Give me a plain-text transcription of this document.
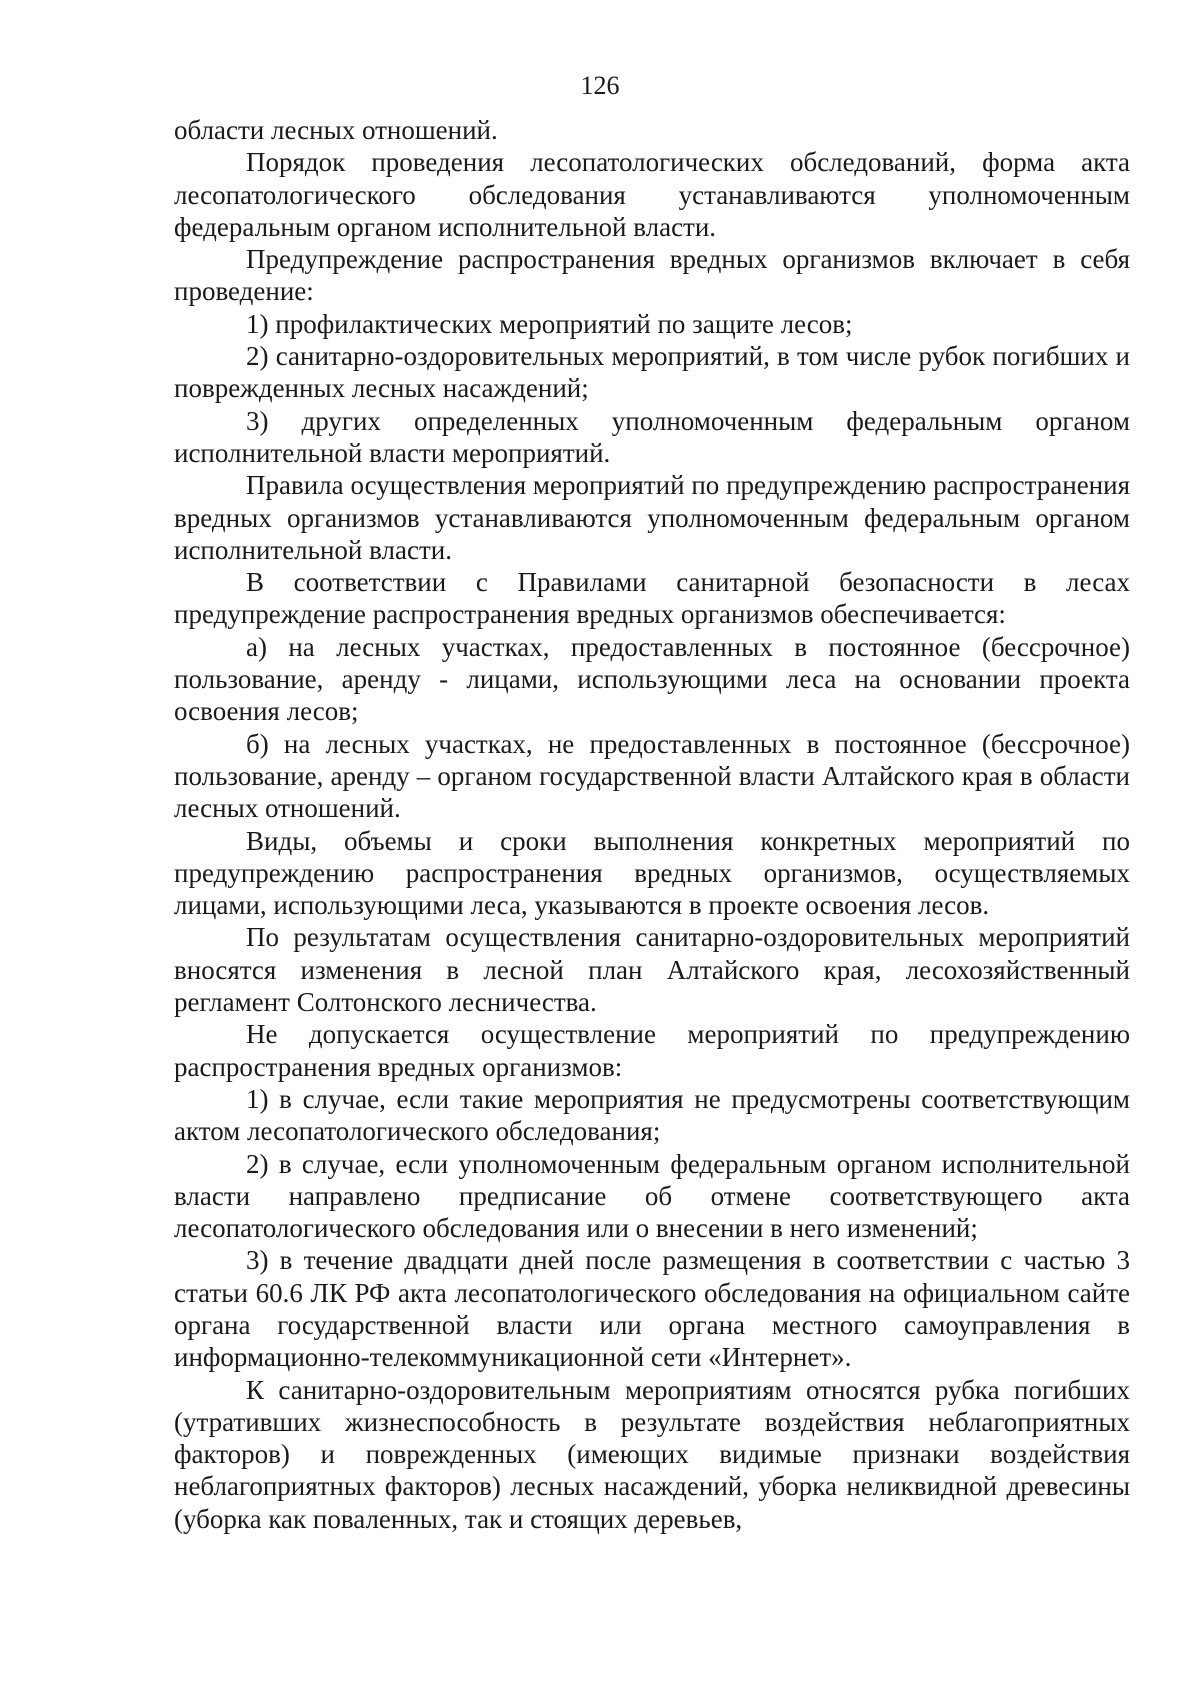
126

области лесных отношений.

Порядок проведения лесопатологических обследований, форма акта лесопатологического обследования устанавливаются уполномоченным федеральным органом исполнительной власти.

Предупреждение распространения вредных организмов включает в себя проведение:

1) профилактических мероприятий по защите лесов;

2) санитарно-оздоровительных мероприятий, в том числе рубок погибших и поврежденных лесных насаждений;

3) других определенных уполномоченным федеральным органом исполнительной власти мероприятий.

Правила осуществления мероприятий по предупреждению распространения вредных организмов устанавливаются уполномоченным федеральным органом исполнительной власти.

В соответствии с Правилами санитарной безопасности в лесах предупреждение распространения вредных организмов обеспечивается:

а) на лесных участках, предоставленных в постоянное (бессрочное) пользование, аренду - лицами, использующими леса на основании проекта освоения лесов;

б) на лесных участках, не предоставленных в постоянное (бессрочное) пользование, аренду – органом государственной власти Алтайского края в области лесных отношений.

Виды, объемы и сроки выполнения конкретных мероприятий по предупреждению распространения вредных организмов, осуществляемых лицами, использующими леса, указываются в проекте освоения лесов.

По результатам осуществления санитарно-оздоровительных мероприятий вносятся изменения в лесной план Алтайского края, лесохозяйственный регламент Солтонского лесничества.

Не допускается осуществление мероприятий по предупреждению распространения вредных организмов:

1) в случае, если такие мероприятия не предусмотрены соответствующим актом лесопатологического обследования;

2) в случае, если уполномоченным федеральным органом исполнительной власти направлено предписание об отмене соответствующего акта лесопатологического обследования или о внесении в него изменений;

3) в течение двадцати дней после размещения в соответствии с частью 3 статьи 60.6 ЛК РФ акта лесопатологического обследования на официальном сайте органа государственной власти или органа местного самоуправления в информационно-телекоммуникационной сети «Интернет».

К санитарно-оздоровительным мероприятиям относятся рубка погибших (утративших жизнеспособность в результате воздействия неблагоприятных факторов) и поврежденных (имеющих видимые признаки воздействия неблагоприятных факторов) лесных насаждений, уборка неликвидной древесины (уборка как поваленных, так и стоящих деревьев,
